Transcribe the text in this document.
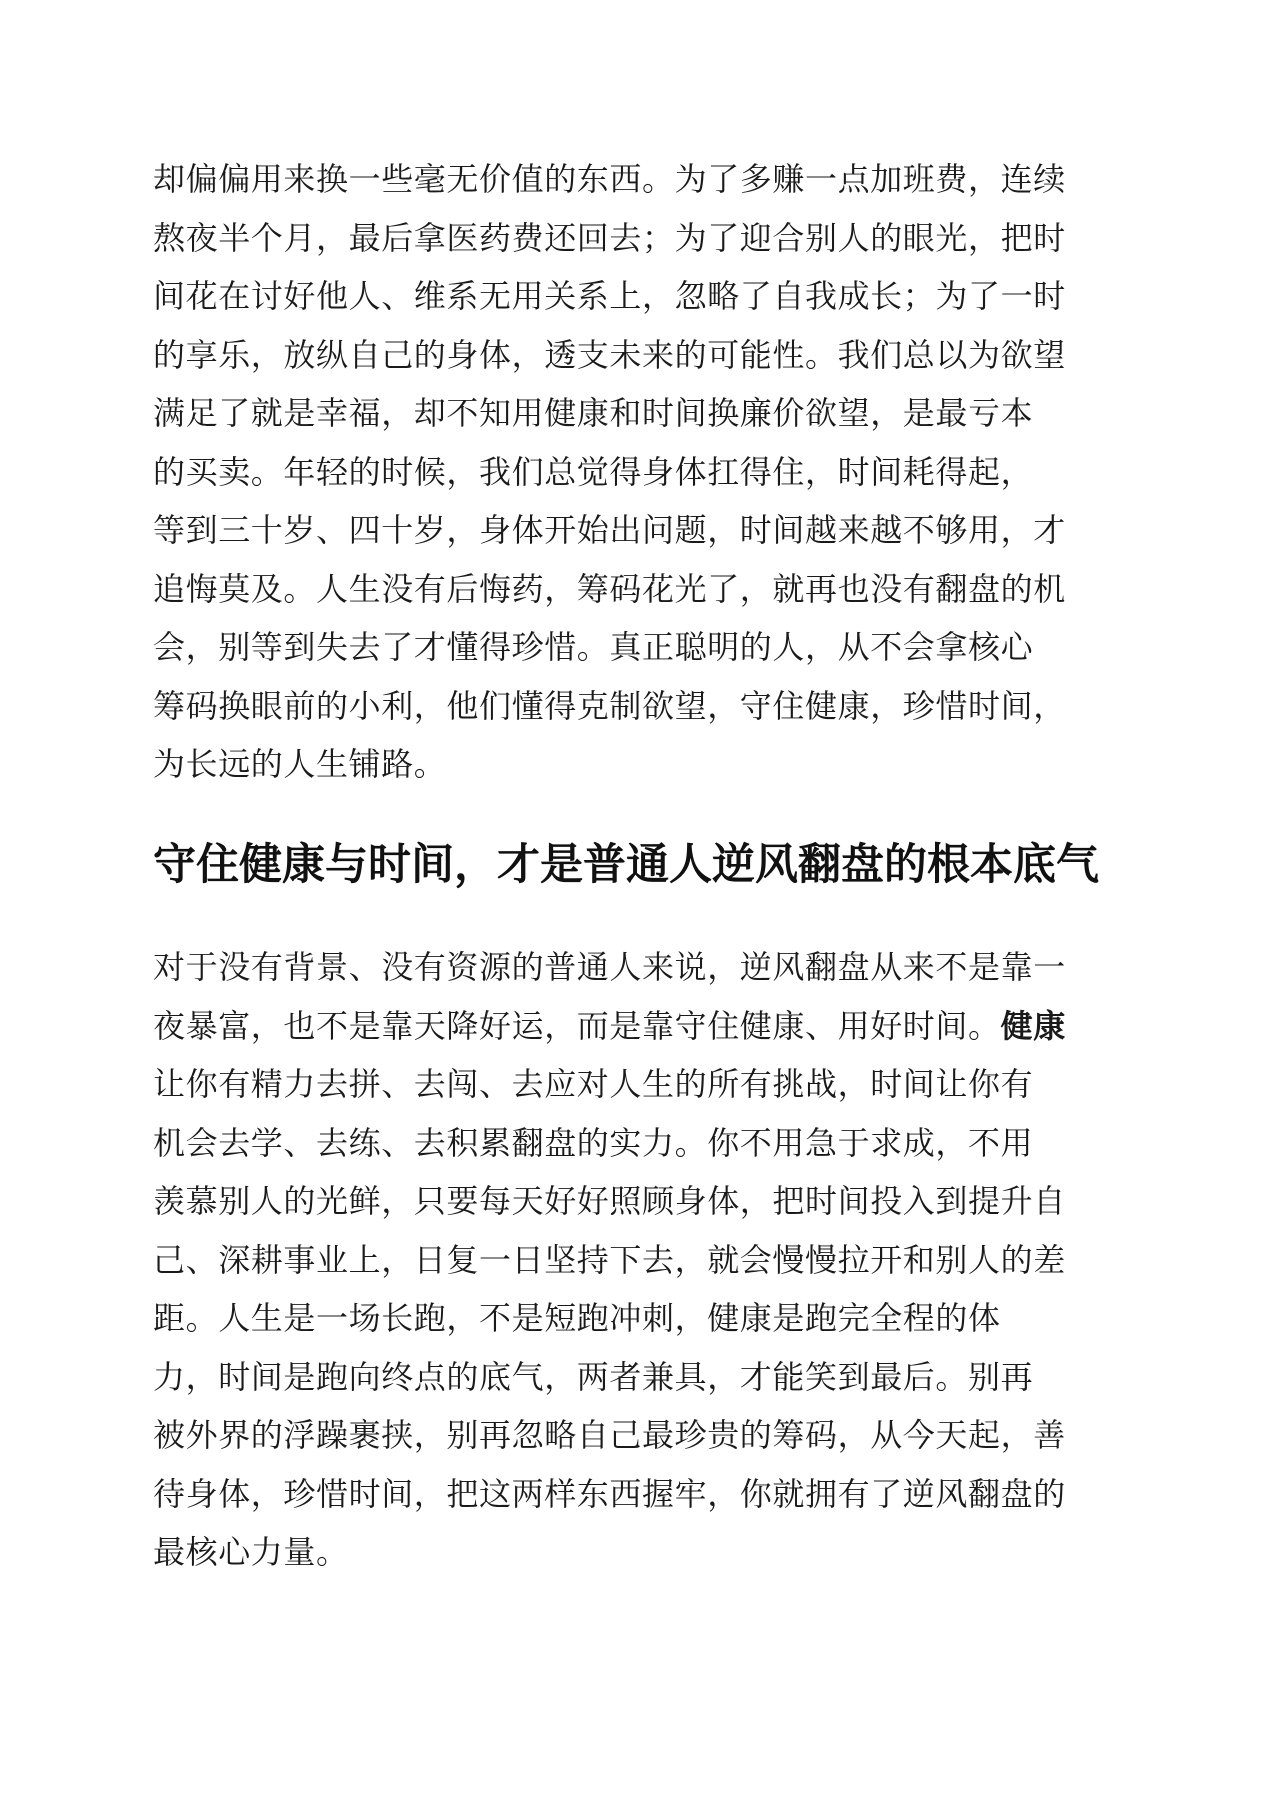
却偏偏用来换一些毫无价值的东西。为了多赚一点加班费，连续
熬夜半个月，最后拿医药费还回去；为了迎合别人的眼光，把时
间花在讨好他人、维系无用关系上，忽略了自我成长；为了一时
的享乐，放纵自己的身体，透支未来的可能性。我们总以为欲望
满足了就是幸福，却不知用健康和时间换廉价欲望，是最亏本
的买卖。年轻的时候，我们总觉得身体扛得住，时间耗得起，
等到三十岁、四十岁，身体开始出问题，时间越来越不够用，才
追悔莫及。人生没有后悔药，筹码花光了，就再也没有翻盘的机
会，别等到失去了才懂得珍惜。真正聪明的人，从不会拿核心
筹码换眼前的小利，他们懂得克制欲望，守住健康，珍惜时间，
为长远的人生铺路。
守住健康与时间，才是普通人逆风翻盘的根本底气
对于没有背景、没有资源的普通人来说，逆风翻盘从来不是靠一
夜暴富，也不是靠天降好运，而是靠守住健康、用好时间。健康
让你有精力去拼、去闯、去应对人生的所有挑战，时间让你有
机会去学、去练、去积累翻盘的实力。你不用急于求成，不用
羡慕别人的光鲜，只要每天好好照顾身体，把时间投入到提升自
己、深耕事业上，日复一日坚持下去，就会慢慢拉开和别人的差
距。人生是一场长跑，不是短跑冲刺，健康是跑完全程的体
力，时间是跑向终点的底气，两者兼具，才能笑到最后。别再
被外界的浮躁裹挟，别再忽略自己最珍贵的筹码，从今天起，善
待身体，珍惜时间，把这两样东西握牢，你就拥有了逆风翻盘的
最核心力量。
